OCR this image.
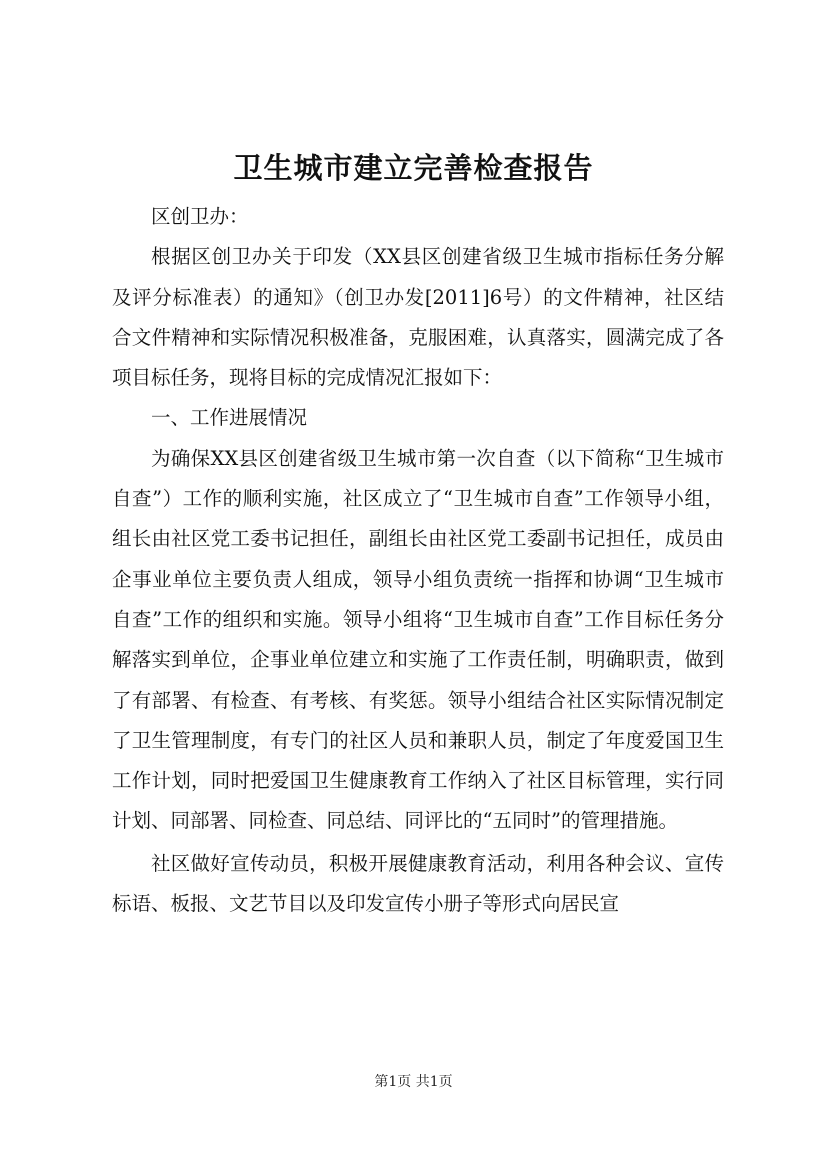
卫生城市建立完善检查报告

区创卫办：

根据区创卫办关于印发（XX县区创建省级卫生城市指标任务分解及评分标准表）的通知》（创卫办发[2011]6号）的文件精神，社区结合文件精神和实际情况积极准备，克服困难，认真落实，圆满完成了各项目标任务，现将目标的完成情况汇报如下：

一、工作进展情况

为确保XX县区创建省级卫生城市第一次自查（以下简称“卫生城市自查”）工作的顺利实施，社区成立了“卫生城市自查”工作领导小组，组长由社区党工委书记担任，副组长由社区党工委副书记担任，成员由企事业单位主要负责人组成，领导小组负责统一指挥和协调“卫生城市自查”工作的组织和实施。领导小组将“卫生城市自查”工作目标任务分解落实到单位，企事业单位建立和实施了工作责任制，明确职责，做到了有部署、有检查、有考核、有奖惩。领导小组结合社区实际情况制定了卫生管理制度，有专门的社区人员和兼职人员，制定了年度爱国卫生工作计划，同时把爱国卫生健康教育工作纳入了社区目标管理，实行同计划、同部署、同检查、同总结、同评比的“五同时”的管理措施。

社区做好宣传动员，积极开展健康教育活动，利用各种会议、宣传标语、板报、文艺节目以及印发宣传小册子等形式向居民宣

第1页 共1页
